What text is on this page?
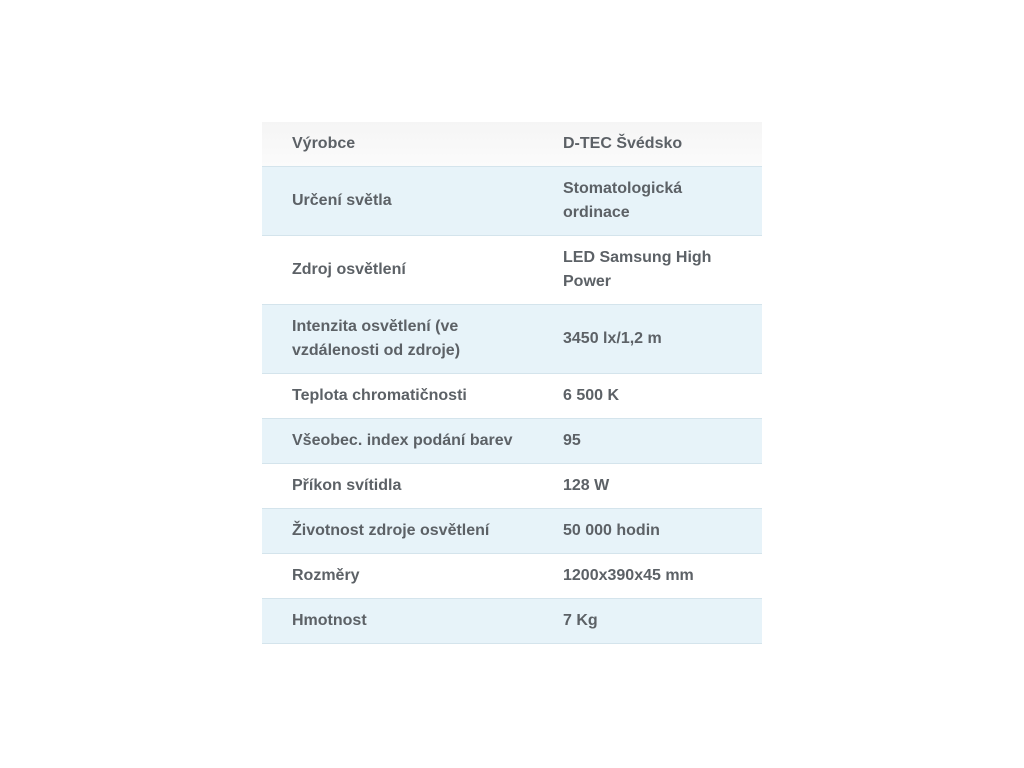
Výrobce	D-TEC Švédsko
Určení světla	Stomatologická ordinace
Zdroj osvětlení	LED Samsung High Power
Intenzita osvětlení (ve vzdálenosti od zdroje)	3450 lx/1,2 m
Teplota chromatičnosti	6 500 K
Všeobec. index podání barev	95
Příkon svítidla	128 W
Životnost zdroje osvětlení	50 000 hodin
Rozměry	1200x390x45 mm
Hmotnost	7 Kg
